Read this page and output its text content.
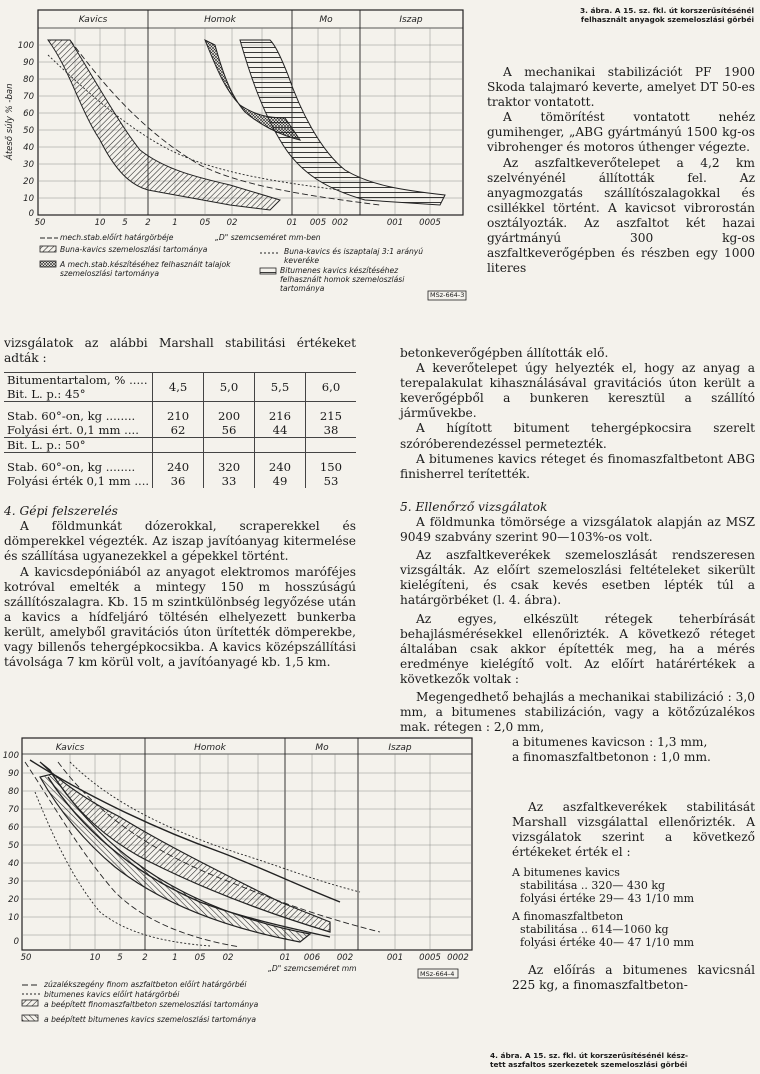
100
90
80
70
60
50
40
30
20
10
0
Áteső súly % -ban
50	10 5 2	1	05 02	01 005 002	001 0005
Kavics	Homok	Mo	Iszap
mech.stab.előírt határgörbéje	„D" szemcseméret mm-ben
Buna-kavics szemeloszlási tartománya
A mech.stab.készítéséhez felhasznált talajok szemeloszlási tartománya
Buna-kavics és iszaptalaj 3:1 arányú keveréke
Bitumenes kavics készítéséhez felhasznált homok szemeloszlási tartománya
MSz-664-3
3. ábra. A 15. sz. fkl. út korszerűsítésénél
felhasznált anyagok szemeloszlási görbéi

A mechanikai stabilizációt PF 1900 Skoda talajmaró keverte, amelyet DT 50-es traktor vontatott.

A tömörítést vontatott nehéz gumihenger, „ABG gyártmányú 1500 kg-os vibrohenger és motoros úthenger végezte.

Az aszfaltkeverőtelepet a 4,2 km szelvényénél állították fel. Az anyagmozgatás szállítószalagokkal és csillékkel történt. A kavicsot vibrorostán osztályozták. Az aszfaltot két hazai gyártmányú 300 kg-os aszfaltkeverőgépben és részben egy 1000 literes

vizsgálatok az alábbi Marshall stabilitási értékeket adták :

Bitumentartalom, % .....	4,5	5,0	5,5	6,0
Bit. L. p.: 45°				

Stab. 60°-on, kg ........	210	200	216	215
Folyási ért. 0,1 mm ....	62	56	44	38
Bit. L. p.: 50°				

Stab. 60°-on, kg ........	240	320	240	150
Folyási érték 0,1 mm ....	36	33	49	53

4. Gépi felszerelés

A földmunkát dózerokkal, scraperekkel és dömperekkel végezték. Az iszap javítóanyag kitermelése és szállítása ugyanezekkel a gépekkel történt.

A kavicsdepóniából az anyagot elektromos maróféjes kotróval emelték a mintegy 150 m hosszúságú szállítószalagra. Kb. 15 m szintkülönbség legyőzése után a kavics a hídfeljáró töltésén elhelyezett bunkerba került, amelyből gravitációs úton ürítették dömperekbe, vagy billenős tehergépkocsikba. A kavics középszállítási távolsága 7 km körül volt, a javítóanyagé kb. 1,5 km.

betonkeverőgépben állították elő.

A keverőtelepet úgy helyezték el, hogy az anyag a terepalakulat kihasználásával gravitációs úton került a keverőgépből a bunkeren keresztül a szállító járművekbe.

A hígított bitument tehergépkocsira szerelt szóróberendezéssel permetezték.

A bitumenes kavics réteget és finomaszfaltbetont ABG finisherrel terítették.

5. Ellenőrző vizsgálatok

A földmunka tömörsége a vizsgálatok alapján az MSZ 9049 szabvány szerint 90—103%-os volt.

Az aszfaltkeverékek szemeloszlását rendszeresen vizsgálták. Az előírt szemeloszlási feltételeket sikerült kielégíteni, és csak kevés esetben lépték túl a határgörbéket (l. 4. ábra).

Az egyes, elkészült rétegek teherbírását behajlásmérésekkel ellenőrizték. A következő réteget általában csak akkor építették meg, ha a mérés eredménye kielégítő volt. Az előírt határértékek a következők voltak :

Megengedhető behajlás a mechanikai stabilizáció : 3,0 mm, a bitumenes stabilizáción, vagy a kötőzúzalékos mak. rétegen : 2,0 mm,

a bitumenes kavicson : 1,3 mm,

a finomaszfaltbetonon : 1,0 mm.

Az aszfaltkeverékek stabilitását Marshall vizsgálattal ellenőrizték. A vizsgálatok szerint a következő értékeket érték el :

A bitumenes kavics
stabilitása .. 320— 430 kg
folyási értéke 29— 43 1/10 mm
A finomaszfaltbeton
stabilitása .. 614—1060 kg
folyási értéke 40— 47 1/10 mm

Az előírás a bitumenes kavicsnál 225 kg, a finomaszfaltbeton-

100
90
80
70
60
50
40
30
20
10
0
50	10 5 2	1 05 02	01 006 002	001 0005 0002
Kavics	Homok	Mo	Iszap
„D" szemcseméret mm
MSz-664-4
zúzalékszegény finom aszfaltbeton előírt határgörbéi
bitumenes kavics előírt határgörbéi
a beépített finomaszfaltbeton szemeloszlási tartománya
a beépített bitumenes kavics szemeloszlási tartománya
4. ábra. A 15. sz. fkl. út korszerűsítésénél kész-
tett aszfaltos szerkezetek szemeloszlási görbéi
